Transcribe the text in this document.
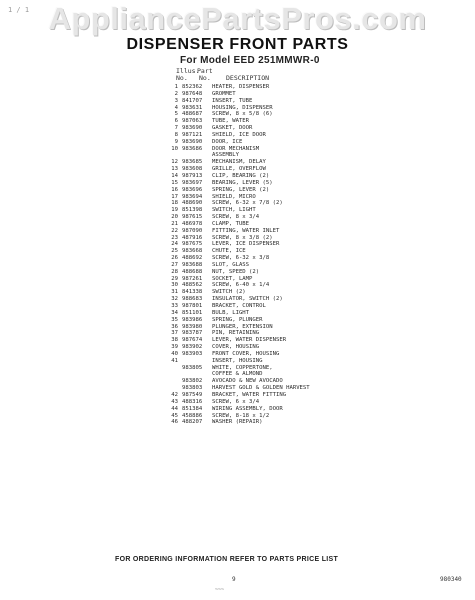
AppliancePartsPros.com
1 / 1
DISPENSER FRONT PARTS
For Model EED 251MMWR-0
Illus.
Part
No. No. DESCRIPTION
1 852362	HEATER, DISPENSER
2 987648	GROMMET
3 841707	INSERT, TUBE
4 983631	HOUSING, DISPENSER
5 488687	SCREW, 8 x 5/8 (6)
6 987063	TUBE, WATER
7 983690	GASKET, DOOR
8 987121	SHIELD, ICE DOOR
9 983690	DOOR, ICE
10 983686	DOOR MECHANISM
ASSEMBLY
12 983685	MECHANISM, DELAY
13 983608	GRILLE, OVERFLOW
14 987913	CLIP, BEARING (2)
15 983697	BEARING, LEVER (5)
16 983696	SPRING, LEVER (2)
17 983694	SHIELD, MICRO
18 488690	SCREW, 6-32 x 7/8 (2)
19 851398	SWITCH, LIGHT
20 987615	SCREW, 8 x 3/4
21 486978	CLAMP, TUBE
22 987090	FITTING, WATER INLET
23 487916	SCREW, 8 x 3/8 (2)
24 987675	LEVER, ICE DISPENSER
25 983668	CHUTE, ICE
26 488692	SCREW, 6-32 x 3/8
27 983688	SLOT, GLASS
28 488688	NUT, SPEED (2)
29 987261	SOCKET, LAMP
30 488562	SCREW, 6-40 x 1/4
31 841338	SWITCH (2)
32 988683	INSULATOR, SWITCH (2)
33 987801	BRACKET, CONTROL
34 851101	BULB, LIGHT
35 983986	SPRING, PLUNGER
36 983980	PLUNGER, EXTENSION
37 983787	PIN, RETAINING
38 987674	LEVER, WATER DISPENSER
39 983902	COVER, HOUSING
40 983903	FRONT COVER, HOUSING
41	INSERT, HOUSING
983805	WHITE, COPPERTONE,
COFFEE & ALMOND
983802	AVOCADO & NEW AVOCADO
983803	HARVEST GOLD & GOLDEN HARVEST
42 987549	BRACKET, WATER FITTING
43 488316	SCREW, 6 x 3/4
44 851384	WIRING ASSEMBLY, DOOR
45 458886	SCREW, 8-18 x 1/2
46 488207	WASHER (REPAIR)
FOR ORDERING INFORMATION REFER TO PARTS PRICE LIST
9	980340
~~~
